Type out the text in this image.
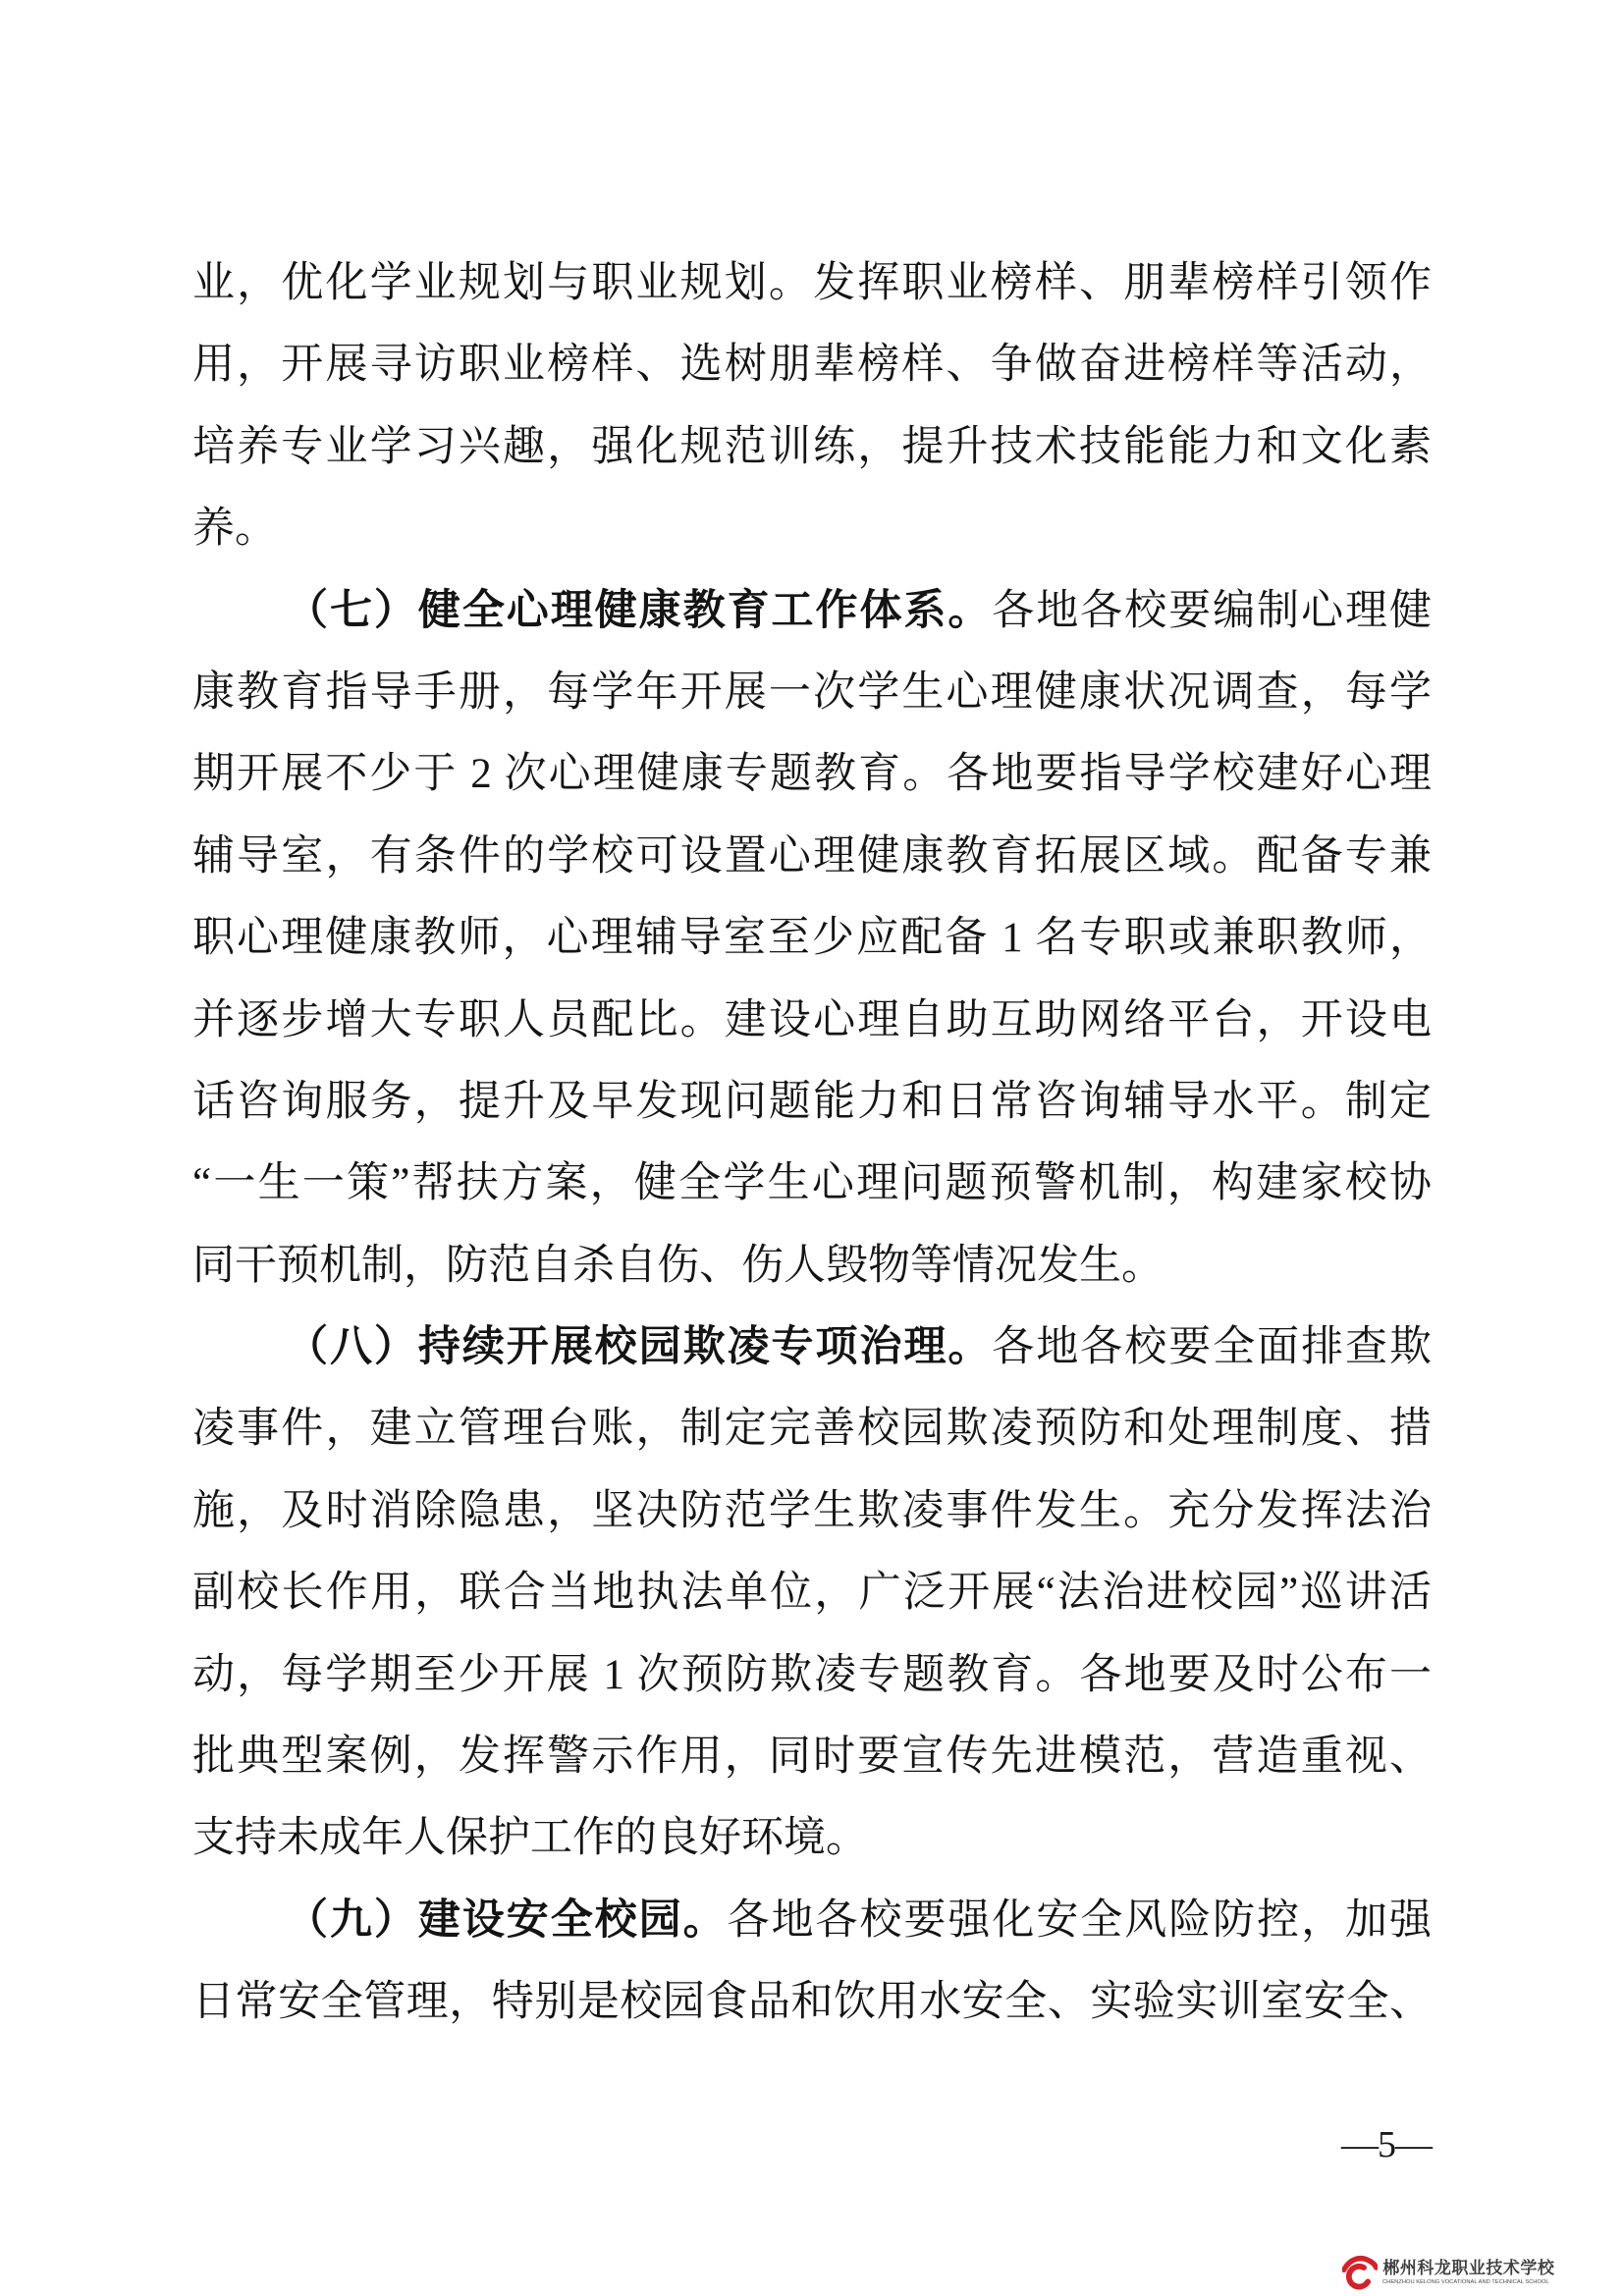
业，优化学业规划与职业规划。发挥职业榜样、朋辈榜样引领作
用，开展寻访职业榜样、选树朋辈榜样、争做奋进榜样等活动，
培养专业学习兴趣，强化规范训练，提升技术技能能力和文化素
养。
（七）健全心理健康教育工作体系。各地各校要编制心理健
康教育指导手册，每学年开展一次学生心理健康状况调查，每学
期开展不少于 2 次心理健康专题教育。各地要指导学校建好心理
辅导室，有条件的学校可设置心理健康教育拓展区域。配备专兼
职心理健康教师，心理辅导室至少应配备 1 名专职或兼职教师，
并逐步增大专职人员配比。建设心理自助互助网络平台，开设电
话咨询服务，提升及早发现问题能力和日常咨询辅导水平。制定
“一生一策”帮扶方案，健全学生心理问题预警机制，构建家校协
同干预机制，防范自杀自伤、伤人毁物等情况发生。
（八）持续开展校园欺凌专项治理。各地各校要全面排查欺
凌事件，建立管理台账，制定完善校园欺凌预防和处理制度、措
施，及时消除隐患，坚决防范学生欺凌事件发生。充分发挥法治
副校长作用，联合当地执法单位，广泛开展“法治进校园”巡讲活
动，每学期至少开展 1 次预防欺凌专题教育。各地要及时公布一
批典型案例，发挥警示作用，同时要宣传先进模范，营造重视、
支持未成年人保护工作的良好环境。
（九）建设安全校园。各地各校要强化安全风险防控，加强
日常安全管理，特别是校园食品和饮用水安全、实验实训室安全、
—5—
郴州科龙职业技术学校
CHENZHOU KELONG VOCATIONAL AND TECHNICAL SCHOOL
